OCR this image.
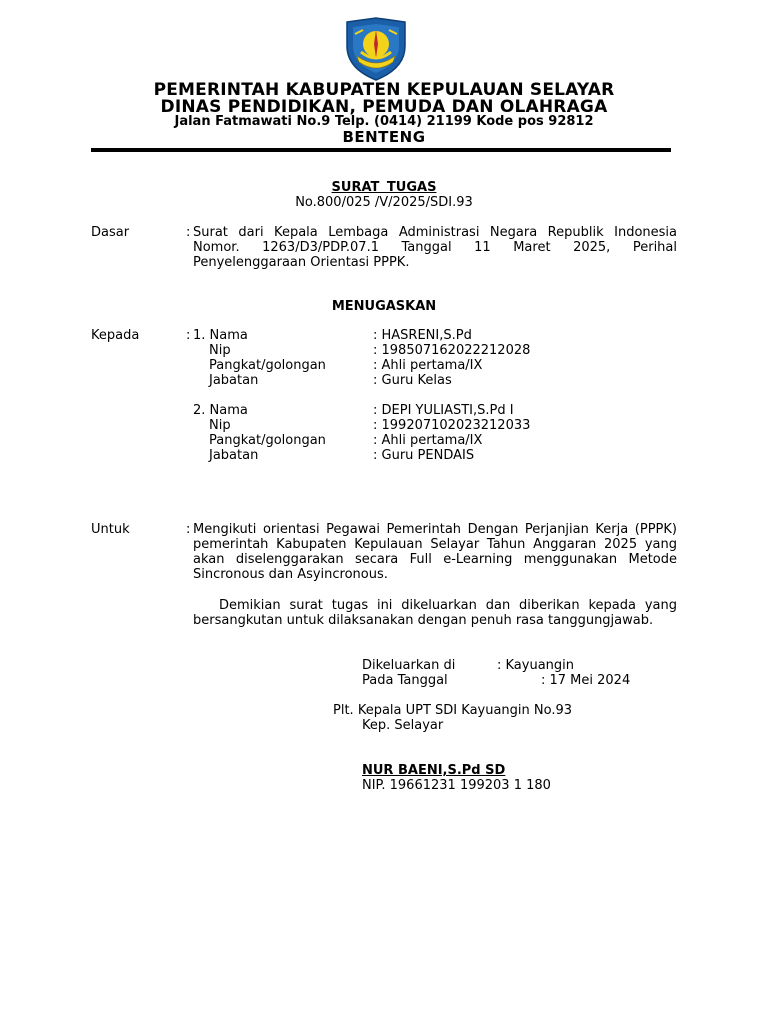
PEMERINTAH KABUPATEN KEPULAUAN SELAYAR
DINAS PENDIDIKAN, PEMUDA DAN OLAHRAGA
Jalan Fatmawati No.9 Telp. (0414) 21199 Kode pos 92812
BENTENG
SURAT TUGAS
No.800/025 /V/2025/SDI.93
Dasar	: Surat dari Kepala Lembaga Administrasi Negara Republik Indonesia Nomor. 1263/D3/PDP.07.1 Tanggal 11 Maret 2025, Perihal Penyelenggaraan Orientasi PPPK.
MENUGASKAN
Kepada	: 1. Nama	: HASRENI,S.Pd
Nip	: 198507162022212028
Pangkat/golongan	: Ahli pertama/IX
Jabatan	: Guru Kelas
2. Nama	: DEPI YULIASTI,S.Pd I
Nip	: 199207102023212033
Pangkat/golongan	: Ahli pertama/IX
Jabatan	: Guru PENDAIS
Untuk	: Mengikuti orientasi Pegawai Pemerintah Dengan Perjanjian Kerja (PPPK) pemerintah Kabupaten Kepulauan Selayar Tahun Anggaran 2025 yang akan diselenggarakan secara Full e-Learning menggunakan Metode Sincronous dan Asyincronous.
Demikian surat tugas ini dikeluarkan dan diberikan kepada yang bersangkutan untuk dilaksanakan dengan penuh rasa tanggungjawab.
Dikeluarkan di	: Kayuangin
Pada Tanggal	: 17 Mei 2024
Plt. Kepala UPT SDI Kayuangin No.93
Kep. Selayar
NUR BAENI,S.Pd SD
NIP. 19661231 199203 1 180
